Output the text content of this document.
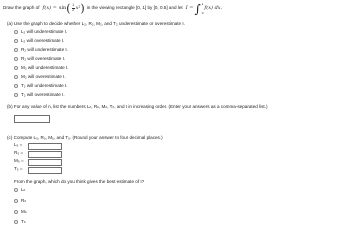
Draw the graph of f(x) = sin ( $\frac{1}{2} x^2$ ) in the viewing rectangle [0, 1] by [0, 0.5] and let I = ∫ 1
0
f(x) dx.
(a) Use the graph to decide whether L₂, R₂, M₂, and T₂ underestimate or overestimate I.
L₂ will underestimate I.
L₂ will overestimate I.
R₂ will underestimate I.
R₂ will overestimate I.
M₂ will underestimate I.
M₂ will overestimate I.
T₂ will underestimate I.
T₂ will overestimate I.
(b) For any value of n, list the numbers Lₙ, Rₙ, Mₙ, Tₙ, and I in increasing order. (Enter your answers as a comma-separated list.)
(c) Compute L₅, R₅, M₅, and T₅. (Round your answer to four decimal places.)
L₅ =
R₅ =
M₅ =
T₅ =
From the graph, which do you think gives the best estimate of I?
Lₙ
Rₙ
Mₙ
Tₙ
